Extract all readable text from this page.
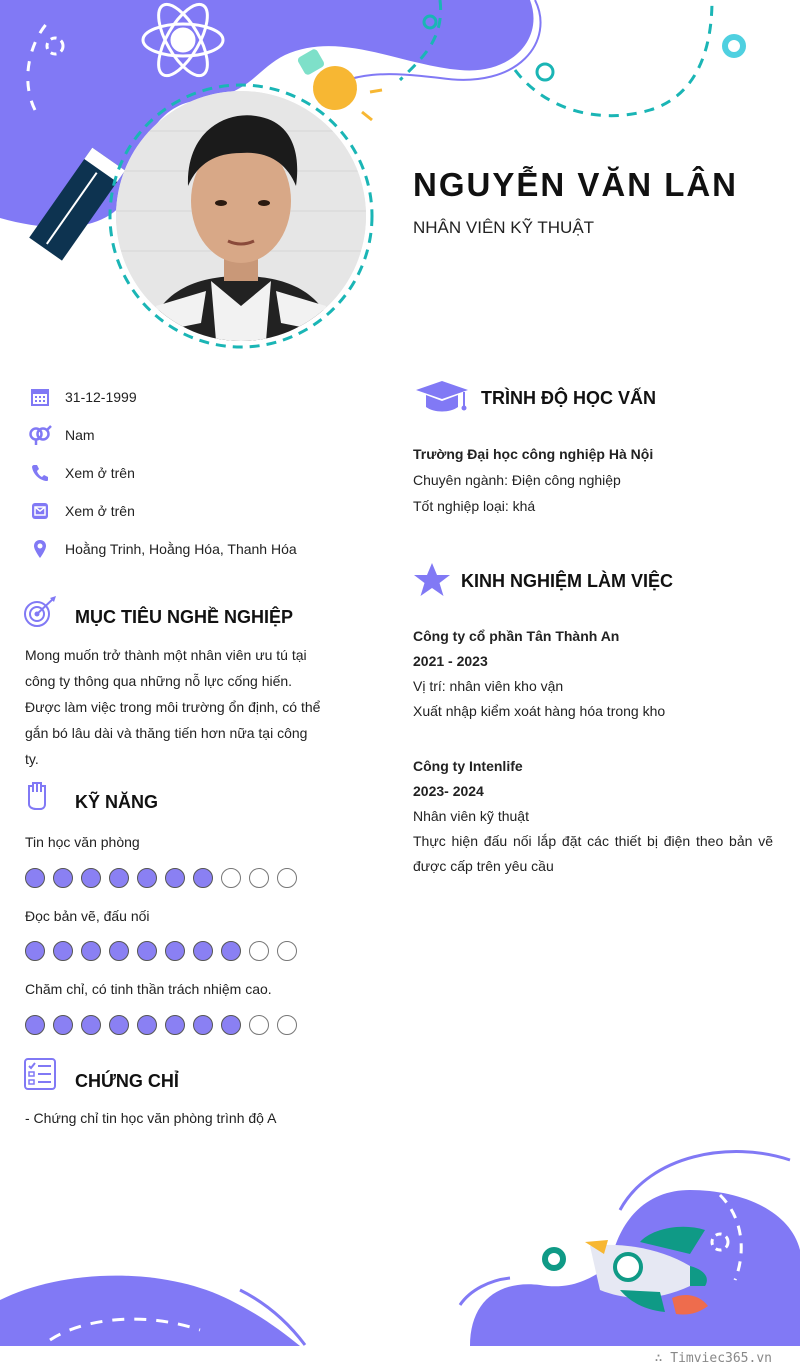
NGUYỄN VĂN LÂN
NHÂN VIÊN KỸ THUẬT
31-12-1999
Nam
Xem ở trên
Xem ở trên
Hoằng Trinh, Hoằng Hóa, Thanh Hóa
MỤC TIÊU NGHỀ NGHIỆP
Mong muốn trở thành một nhân viên ưu tú tại
công ty thông qua những nỗ lực cống hiến.
Được làm việc trong môi trường ổn định, có thể
gắn bó lâu dài và thăng tiến hơn nữa tại công
ty.
KỸ NĂNG
Tin học văn phòng
Đọc bản vẽ, đấu nối
Chăm chỉ, có tinh thần trách nhiệm cao.
CHỨNG CHỈ
- Chứng chỉ tin học văn phòng trình độ A
TRÌNH ĐỘ HỌC VẤN
Trường Đại học công nghiệp Hà Nội
Chuyên ngành: Điện công nghiệp
Tốt nghiệp loại: khá
KINH NGHIỆM LÀM VIỆC
Công ty cổ phần Tân Thành An
2021 - 2023
Vị trí: nhân viên kho vận
Xuất nhập kiểm xoát hàng hóa trong kho
Công ty Intenlife
2023- 2024
Nhân viên kỹ thuật
Thực hiện đấu nối lắp đặt các thiết bị điện theo bản vẽ
được cấp trên yêu cầu
∴ Timviec365.vn
